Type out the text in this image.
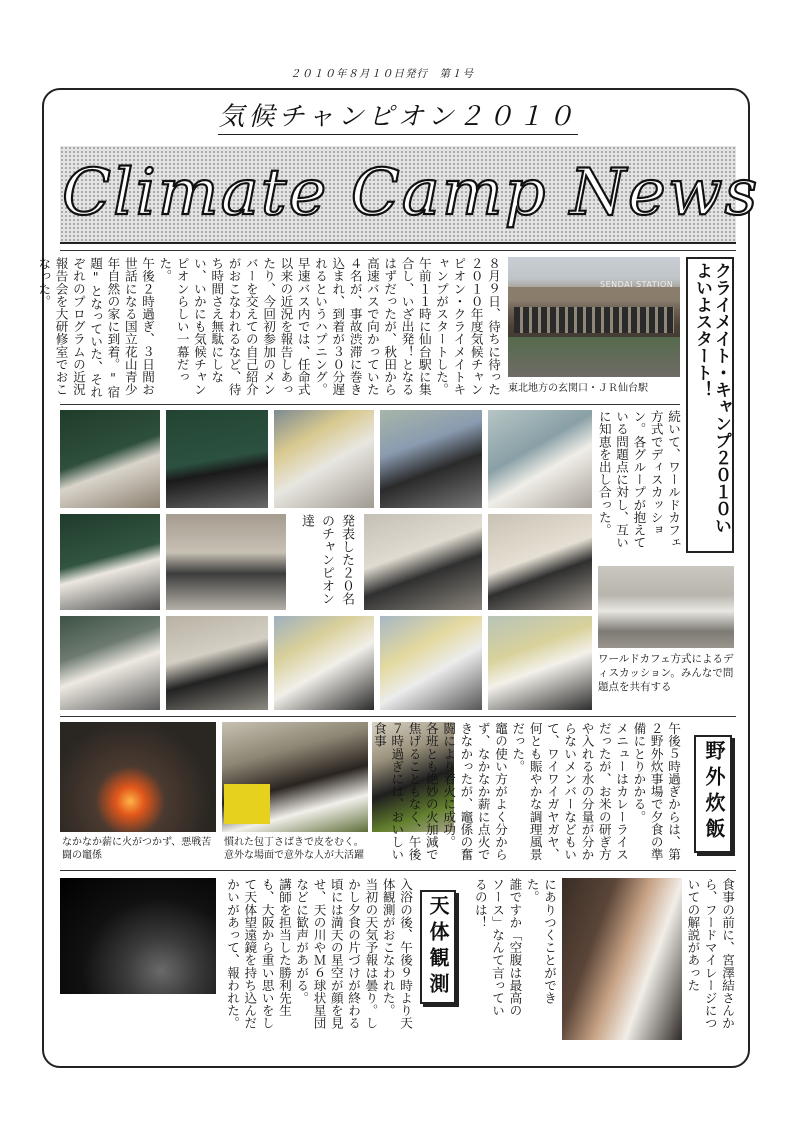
２０１０年８月１０日発行　第１号
気候チャンピオン２０１０
Climate Camp News
クライメイト・キャンプ２０１０いよいよスタート！
SENDAI STATION
東北地方の玄関口・ＪＲ仙台駅
８月９日、待ちに待った２０１０年度気候チャンピオン・クライメイトキャンプがスタートした。
午前１１時に仙台駅に集合し、いざ出発！となるはずだったが、秋田から高速バスで向かっていた４名が、事故渋滞に巻き込まれ、到着が３０分遅れるというハプニング。
早速バス内では、任命式以来の近況を報告しあったり、今回初参加のメンバーを交えての自己紹介がおこなわれるなど、待ち時間さえ無駄にしない、いかにも気候チャンピオンらしい一幕だった。
午後２時過ぎ、３日間お世話になる国立花山青少年自然の家に到着。"宿題"となっていた、それぞれのプログラムの近況報告会を大研修室でおこなった。
発表した２０名のチャンピオン達	続いて、ワールドカフェ方式でディスカッション。各グループが抱えている問題点に対し、互いに知恵を出し合った。
ワールドカフェ方式によるディスカッション。みんなで問題点を共有する
なかなか薪に火がつかず、悪戦苦闘の竈係
慣れた包丁さばきで皮をむく。意外な場面で意外な人が大活躍	午後５時過ぎからは、第２野外炊事場で夕食の準備にとりかかる。
メニューはカレーライスだったが、お米の研ぎ方や入れる水の分量が分からないメンバーなどもいて、ワイワイガヤガヤ、何とも賑やかな調理風景だった。
竈の使い方がよく分からず、なかなか薪に点火できなかったが、竈係の奮闘により着火に成功。
各班とも絶妙の火加減で焦げることもなく、午後７時過ぎには、おいしい食事
野外炊飯
入浴の後、午後９時より天体観測がおこなわれた。
当初の天気予報は曇り。しかし夕食の片づけが終わる頃には満天の星空が顔を見せ、天の川やＭ６球状星団などに歓声があがる。
講師を担当した勝利先生も、大阪から重い思いをして天体望遠鏡を持ち込んだかいがあって、報われた。	天体観測	にありつくことができた。
誰ですか「空腹は最高のソース」なんて言っているのは！	食事の前に、宮澤結さんから、フードマイレージについての解説があった
